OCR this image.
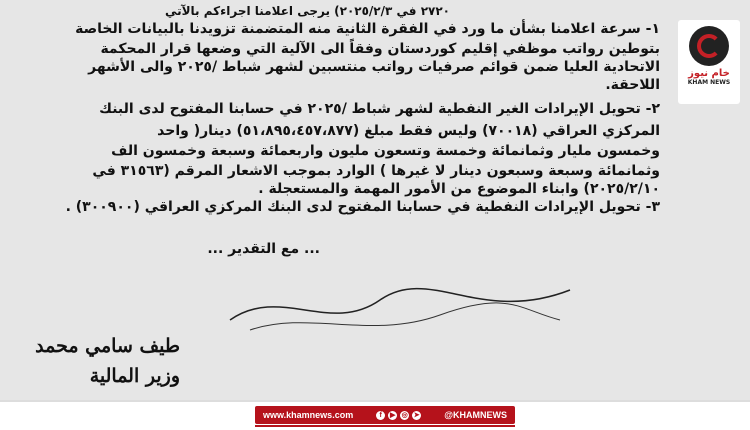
٢٧٢٠ في ٢٠٢٥/٢/٣) يرجى اعلامنا اجراءكم بالآتي
١- سرعة اعلامنا بشأن ما ورد في الفقرة الثانية منه المتضمنة تزويدنا بالبيانات الخاصة
بتوطين رواتب موظفي إقليم كوردستان وفقاً الى الآلية التي وضعها قرار المحكمة
الاتحادية العليا ضمن قوائم صرفيات رواتب منتسبين لشهر شباط /٢٠٢٥ والى الأشهر
اللاحقة.
٢- تحويل الإيرادات الغير النفطية لشهر شباط /٢٠٢٥ في حسابنا المفتوح لدى البنك
المركزي العراقي (٧٠٠١٨) وليس فقط مبلغ (٥١،٨٩٥،٤٥٧،٨٧٧) دينار( واحد
وخمسون مليار وثمانمائة وخمسة وتسعون مليون واربعمائة وسبعة وخمسون الف
وثمانمائة وسبعة وسبعون دينار لا غيرها ) الوارد بموجب الاشعار المرقم (٣١٥٦٣ في
٢٠٢٥/٢/١٠) وابناء الموضوع من الأمور المهمة والمستعجلة .
٣- تحويل الإيرادات النفطية في حسابنا المفتوح لدى البنك المركزي العراقي (٣٠٠٩٠٠) .
... مع التقدير ...
طيف سامي محمد
وزير المالية
خام نيوز
KHAM NEWS
www.khamnews.com	f	▶ ◎ ➤	@KHAMNEWS
